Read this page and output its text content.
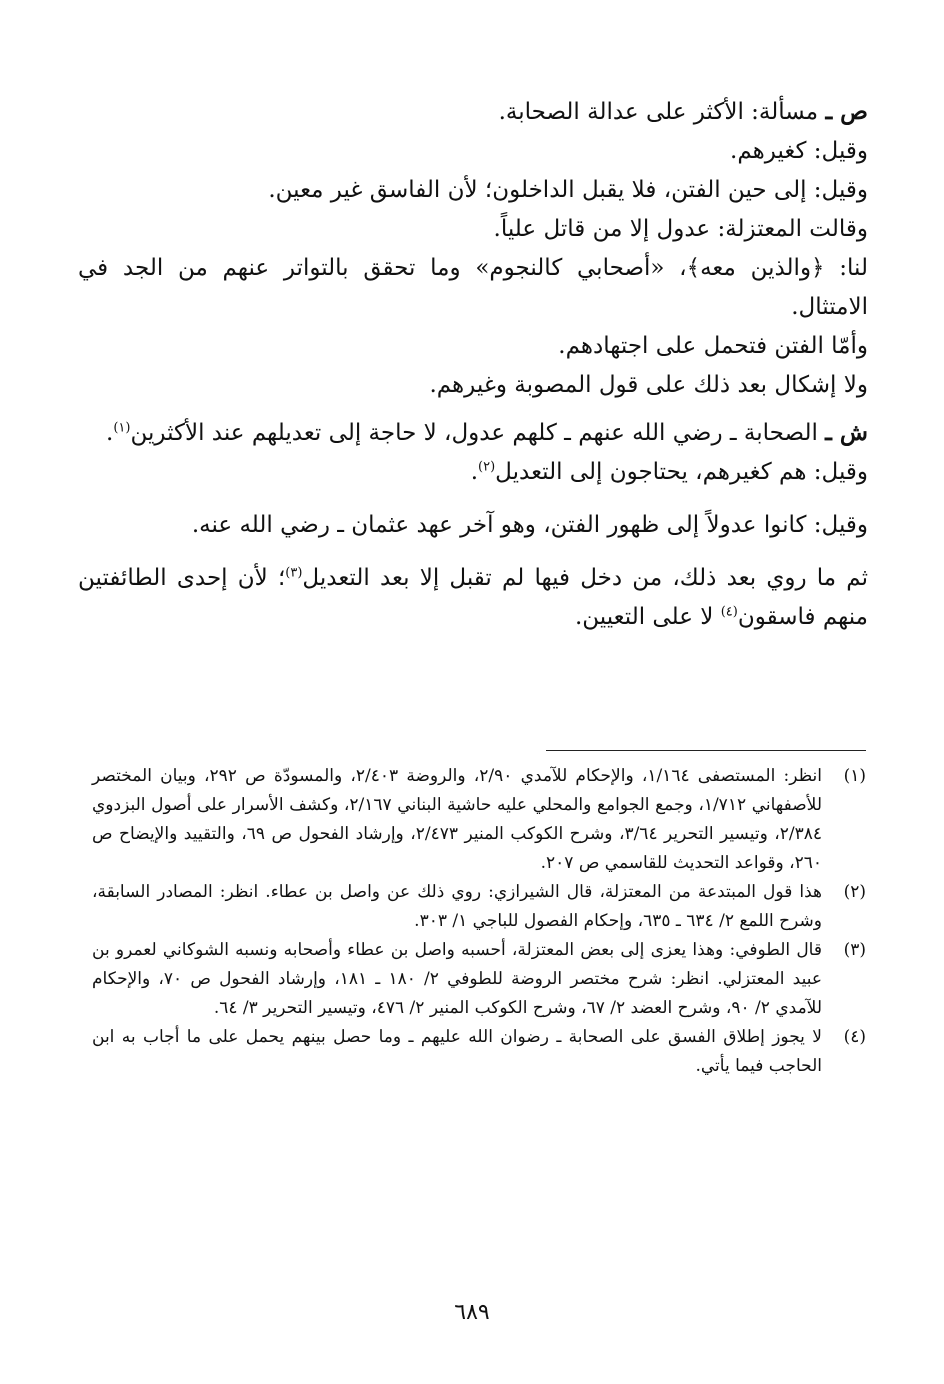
ص ـ مسألة: الأكثر على عدالة الصحابة.

وقيل: كغيرهم.

وقيل: إلى حين الفتن، فلا يقبل الداخلون؛ لأن الفاسق غير معين.

وقالت المعتزلة: عدول إلا من قاتل علياً.

لنا: ﴿والذين معه﴾، «أصحابي كالنجوم» وما تحقق بالتواتر عنهم من الجد في الامتثال.

وأمّا الفتن فتحمل على اجتهادهم.

ولا إشكال بعد ذلك على قول المصوبة وغيرهم.

ش ـ الصحابة ـ رضي الله عنهم ـ كلهم عدول، لا حاجة إلى تعديلهم عند الأكثرين$^{(١)}$.

وقيل: هم كغيرهم، يحتاجون إلى التعديل$^{(٢)}$.

وقيل: كانوا عدولاً إلى ظهور الفتن، وهو آخر عهد عثمان ـ رضي الله عنه.

ثم ما روي بعد ذلك، من دخل فيها لم تقبل إلا بعد التعديل$^{(٣)}$؛ لأن إحدى الطائفتين منهم فاسقون$^{(٤)}$ لا على التعيين.

(١)
انظر: المستصفى ١/١٦٤، والإحكام للآمدي ٢/٩٠، والروضة ٢/٤٠٣، والمسودّة ص ٢٩٢، وبيان المختصر للأصفهاني ١/٧١٢، وجمع الجوامع والمحلي عليه حاشية البناني ٢/١٦٧، وكشف الأسرار على أصول البزدوي ٢/٣٨٤، وتيسير التحرير ٣/٦٤، وشرح الكوكب المنير ٢/٤٧٣، وإرشاد الفحول ص ٦٩، والتقييد والإيضاح ص ٢٦٠، وقواعد التحديث للقاسمي ص ٢٠٧.
(٢)
هذا قول المبتدعة من المعتزلة، قال الشيرازي: روي ذلك عن واصل بن عطاء. انظر: المصادر السابقة، وشرح اللمع ٢/ ٦٣٤ ـ ٦٣٥، وإحكام الفصول للباجي ١/ ٣٠٣.
(٣)
قال الطوفي: وهذا يعزى إلى بعض المعتزلة، أحسبه واصل بن عطاء وأصحابه ونسبه الشوكاني لعمرو بن عبيد المعتزلي. انظر: شرح مختصر الروضة للطوفي ٢/ ١٨٠ ـ ١٨١، وإرشاد الفحول ص ٧٠، والإحكام للآمدي ٢/ ٩٠، وشرح العضد ٢/ ٦٧، وشرح الكوكب المنير ٢/ ٤٧٦، وتيسير التحرير ٣/ ٦٤.
(٤)
لا يجوز إطلاق الفسق على الصحابة ـ رضوان الله عليهم ـ وما حصل بينهم يحمل على ما أجاب به ابن الحاجب فيما يأتي.
٦٨٩
